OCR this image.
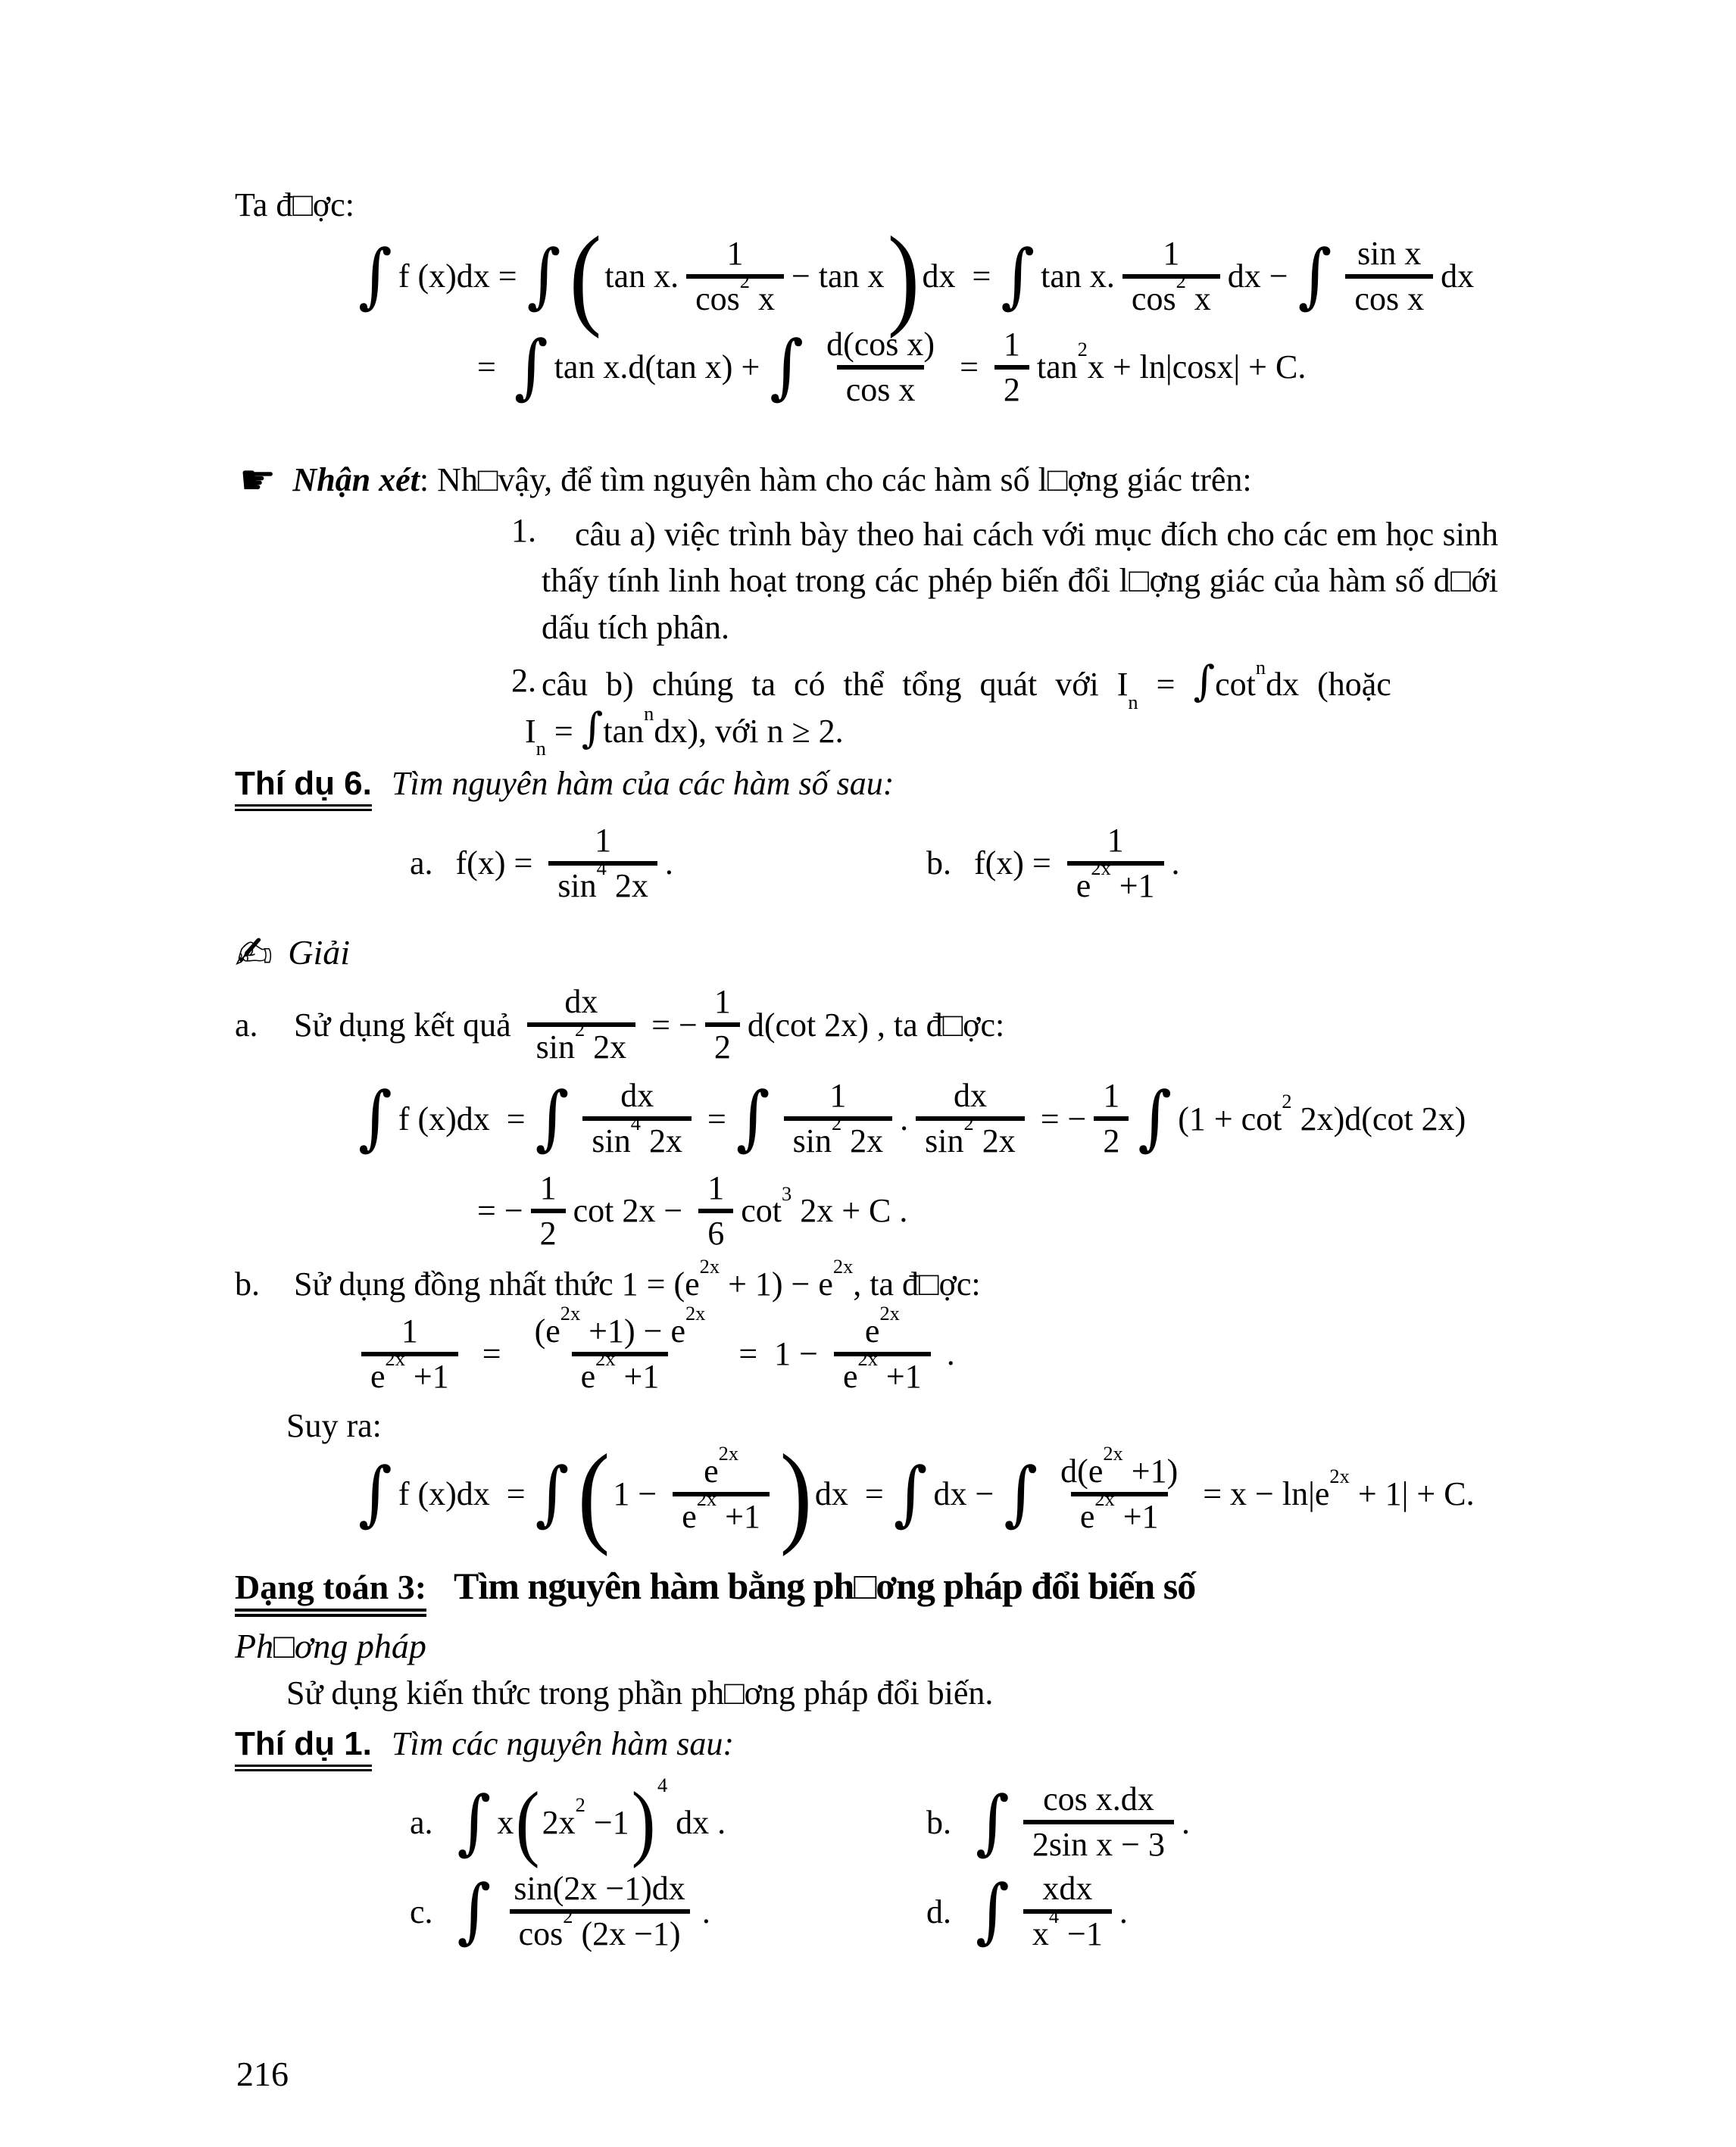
Ta đ□ợc:

∫ f (x)dx = ∫ ( tan x. $\frac{1}{\cos^2 x} - \tan x$ ) dx  = ∫ tan x. $\frac{1}{\cos^2 x}$ dx − ∫ $\frac{\text{sin x}}{\text{cos x}}$ dx
= ∫ tan x.d(tan x) + ∫ $\frac{\text{d(cos x)}}{\text{cos x}} = \frac{1}{2} \tan^2x + \ln|\cos x| + C$.
☛ Nhận xét: Nh□vậy, để tìm nguyên hàm cho các hàm số l□ợng giác trên:
1.	câu a) việc trình bày theo hai cách với mục đích cho các em học sinh thấy tính linh hoạt trong các phép biến đổi l□ợng giác của hàm số d□ới dấu tích phân.

2. câu b) chúng ta có thể tổng quát với $I_n = \int\cot^ndx$ (hoặc
$I_n = \int\tan^ndx$), với n ≥ 2.
Thí dụ 6. Tìm nguyên hàm của các hàm số sau:
a. $f(x) = \frac{1}{\sin^4 2x}$ .	b. $f(x) = \frac{1}{e^{2x} +1}$ .
✍ Giải
a.	Sử dụng kết quả $\frac{dx}{\sin^2 2x}$ = − $\frac{1}{2} d(\cot$ 2x) , ta đ□ợc:
∫ f (x)dx  = ∫ $\frac{dx}{\sin^4 2x}$ = ∫ $\frac{1}{\sin^2 2x}$ . $\frac{dx}{\sin^2 2x}$ = − $\frac{1}{2}$ ∫ $(1 + \cot^2 2x)d(\cot$ 2x)
= − $\frac{1}{2}$ $\cot 2x - \frac{1}{6} \cot^3 2x + C$ .
b.	Sử dụng đồng nhất thức $1 = (e^{2x} + 1) - e^{2x}$, ta đ□ợc:
$\frac{1}{e^{2x} +1} = \frac{(e^{2x} +1) - e^{2x}}{e^{2x} +1} = 1 - \frac{e^{2x}}{e^{2x} +1}$ .

Suy ra:

∫ f (x)dx  = ∫ ( $1 - \frac{e^{2x}}{e^{2x} +1}$ ) dx  = ∫ dx − ∫ $\frac{d(e^{2x} +1)}{e^{2x} +1} = x - \ln|e^{2x} + 1| + C$.
Dạng toán 3: Tìm nguyên hàm bằng ph□ơng pháp đổi biến số
Ph□ơng pháp

Sử dụng kiến thức trong phần ph□ơng pháp đổi biến.

Thí dụ 1. Tìm các nguyên hàm sau:
a. ∫ x ( $2x^2 -1$ ) $^4$ dx .	b. ∫ $\frac{\text{cos x.dx}}{\text{2sin x − 3}}$ .
c. ∫ $\frac{\sin(2x -1)dx}{\cos^2 (2x -1)}$ .	d. ∫ $\frac{\text{xdx}}{x^4 -1}$ .
216
